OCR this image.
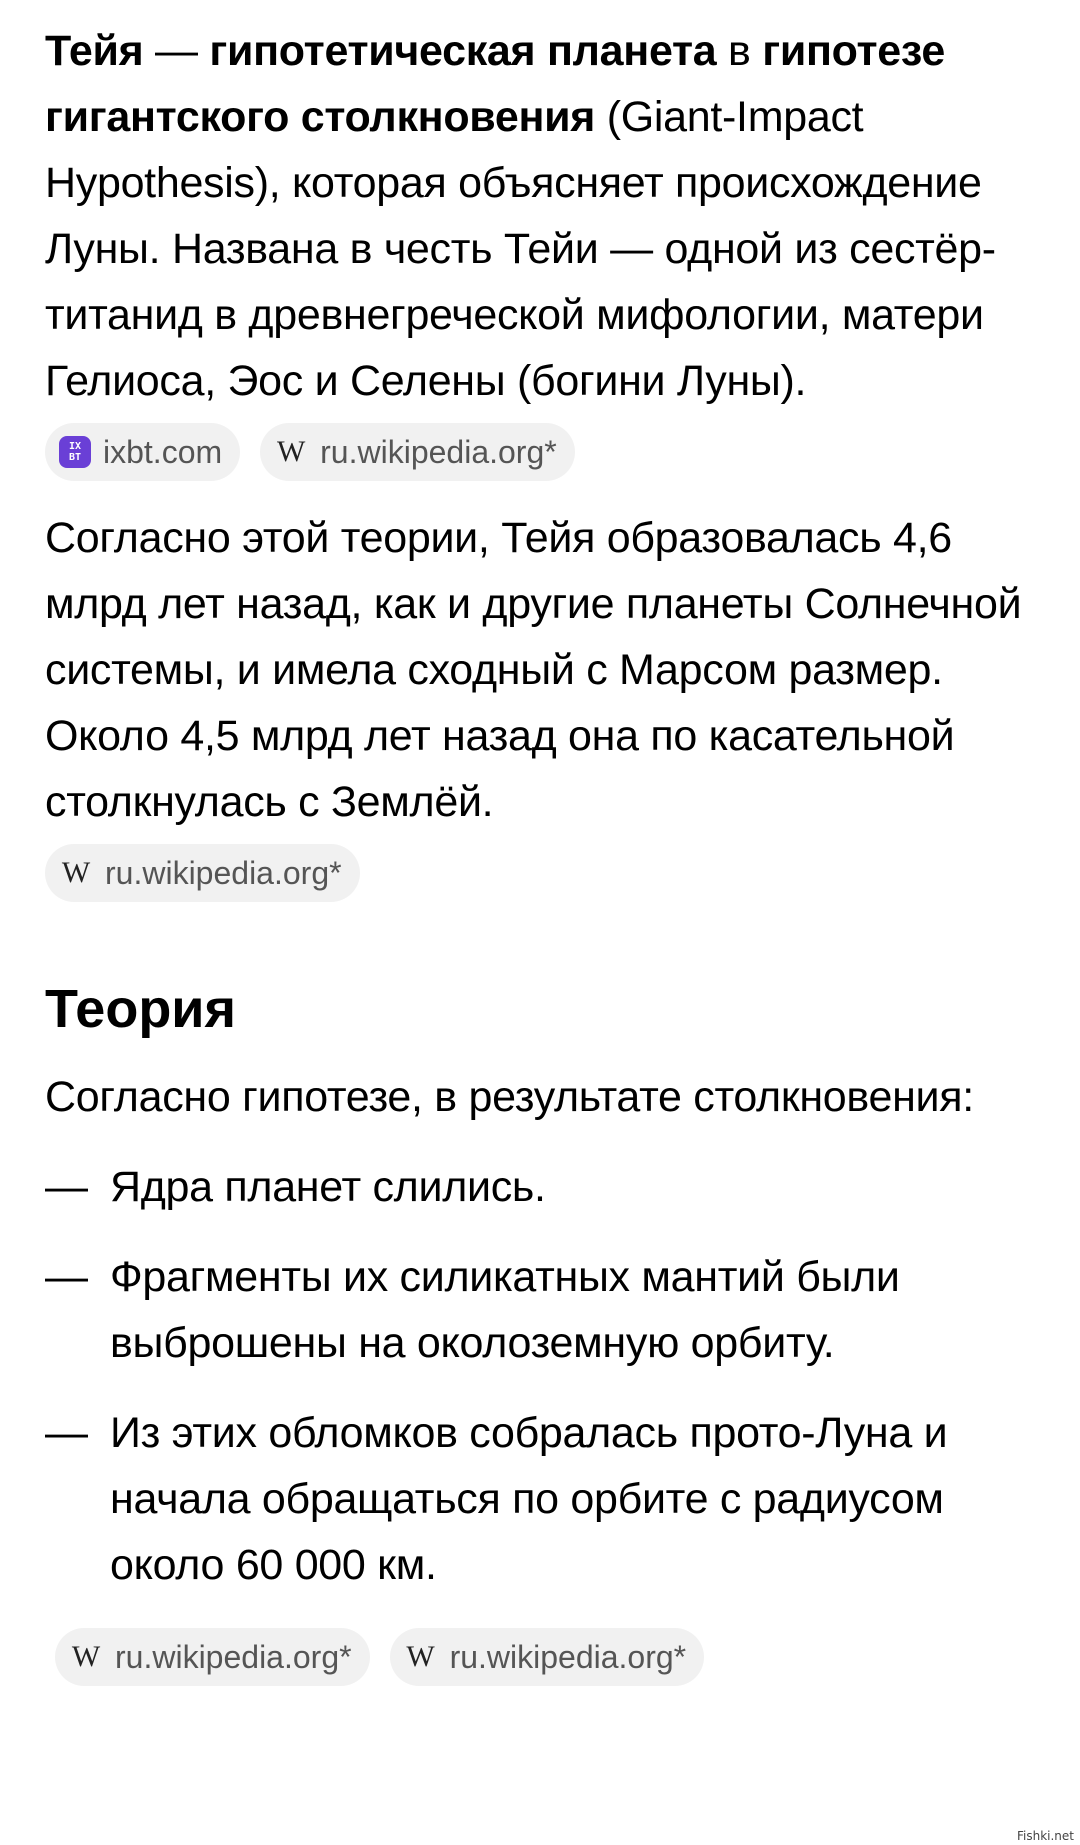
Тейя — гипотетическая планета в гипотезе гигантского столкновения (Giant-Impact Hypothesis), которая объясняет происхождение Луны. Названа в честь Тейи — одной из сестёр-титанид в древнегреческой мифологии, матери Гелиоса, Эос и Селены (богини Луны).

IX
BT ixbt.com W ru.wikipedia.org*

Согласно этой теории, Тейя образовалась 4,6 млрд лет назад, как и другие планеты Солнечной системы, и имела сходный с Марсом размер. Около 4,5 млрд лет назад она по касательной столкнулась с Землёй.

W ru.wikipedia.org*
Теория

Согласно гипотезе, в результате столкновения:

— Ядра планет слились.
— Фрагменты их силикатных мантий были выброшены на околоземную орбиту.
— Из этих обломков собралась прото-Луна и начала обращаться по орбите с радиусом около 60 000 км.
W ru.wikipedia.org* W ru.wikipedia.org*
Fishki.net
